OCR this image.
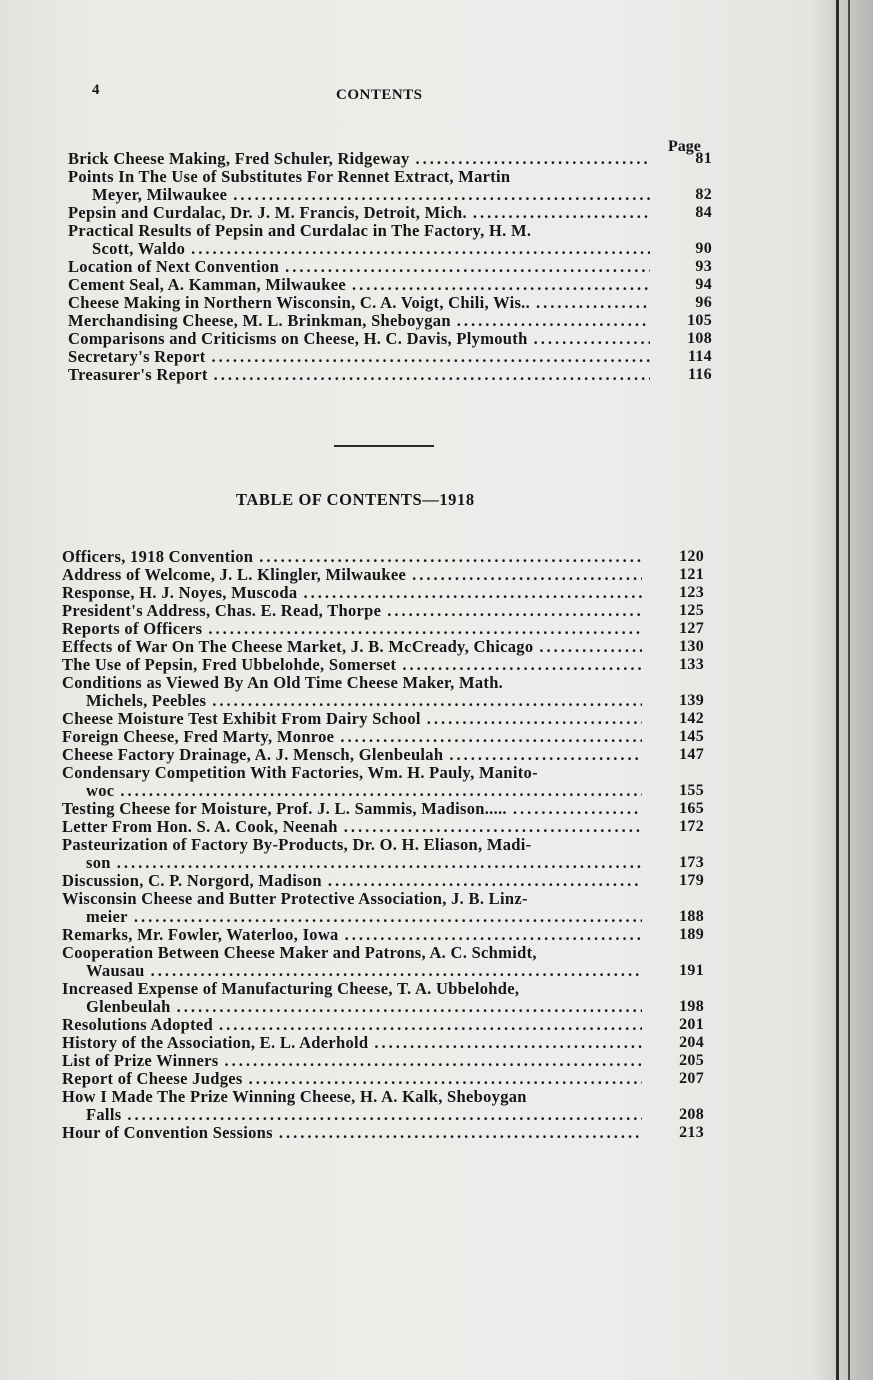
4	CONTENTS
Page
Brick Cheese Making, Fred Schuler, Ridgeway .....	81
Points In The Use of Substitutes For Rennet Extract, Martin
Meyer, Milwaukee .....	82
Pepsin and Curdalac, Dr. J. M. Francis, Detroit, Mich. .....	84
Practical Results of Pepsin and Curdalac in The Factory, H. M.
Scott, Waldo .....	90
Location of Next Convention .....	93
Cement Seal, A. Kamman, Milwaukee .....	94
Cheese Making in Northern Wisconsin, C. A. Voigt, Chili, Wis.. .....	96
Merchandising Cheese, M. L. Brinkman, Sheboygan .....	105
Comparisons and Criticisms on Cheese, H. C. Davis, Plymouth .....	108
Secretary's Report .....	114
Treasurer's Report .....	116
TABLE OF CONTENTS—1918
Officers, 1918 Convention .....	120
Address of Welcome, J. L. Klingler, Milwaukee .....	121
Response, H. J. Noyes, Muscoda .....	123
President's Address, Chas. E. Read, Thorpe .....	125
Reports of Officers .....	127
Effects of War On The Cheese Market, J. B. McCready, Chicago .....	130
The Use of Pepsin, Fred Ubbelohde, Somerset .....	133
Conditions as Viewed By An Old Time Cheese Maker, Math.
Michels, Peebles .....	139
Cheese Moisture Test Exhibit From Dairy School .....	142
Foreign Cheese, Fred Marty, Monroe .....	145
Cheese Factory Drainage, A. J. Mensch, Glenbeulah .....	147
Condensary Competition With Factories, Wm. H. Pauly, Manito-
woc .....	155
Testing Cheese for Moisture, Prof. J. L. Sammis, Madison..... .....	165
Letter From Hon. S. A. Cook, Neenah .....	172
Pasteurization of Factory By-Products, Dr. O. H. Eliason, Madi-
son .....	173
Discussion, C. P. Norgord, Madison .....	179
Wisconsin Cheese and Butter Protective Association, J. B. Linz-
meier .....	188
Remarks, Mr. Fowler, Waterloo, Iowa .....	189
Cooperation Between Cheese Maker and Patrons, A. C. Schmidt,
Wausau .....	191
Increased Expense of Manufacturing Cheese, T. A. Ubbelohde,
Glenbeulah .....	198
Resolutions Adopted .....	201
History of the Association, E. L. Aderhold .....	204
List of Prize Winners .....	205
Report of Cheese Judges .....	207
How I Made The Prize Winning Cheese, H. A. Kalk, Sheboygan
Falls .....	208
Hour of Convention Sessions .....	213
